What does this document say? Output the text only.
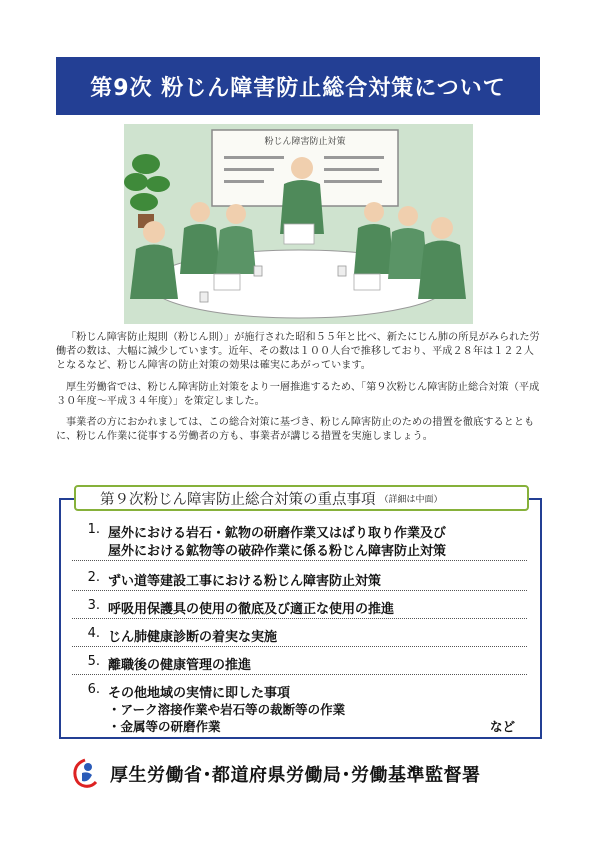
第9次 粉じん障害防止総合対策について
粉じん障害防止対策

「粉じん障害防止規則（粉じん則）」が施行された昭和５５年と比べ、新たにじん肺の所見がみられた労働者の数は、大幅に減少しています。近年、その数は１００人台で推移しており、平成２８年は１２２人となるなど、粉じん障害の防止対策の効果は確実にあがっています。

厚生労働省では、粉じん障害防止対策をより一層推進するため、「第９次粉じん障害防止総合対策（平成３０年度～平成３４年度）」を策定しました。

事業者の方におかれましては、この総合対策に基づき、粉じん障害防止のための措置を徹底するとともに、粉じん作業に従事する労働者の方も、事業者が講じる措置を実施しましょう。

第９次粉じん障害防止総合対策の重点事項 （詳細は中面）
1. 屋外における岩石・鉱物の研磨作業又はばり取り作業及び
屋外における鉱物等の破砕作業に係る粉じん障害防止対策
2. ずい道等建設工事における粉じん障害防止対策
3. 呼吸用保護具の使用の徹底及び適正な使用の推進
4. じん肺健康診断の着実な実施
5. 離職後の健康管理の推進
6. その他地域の実情に即した事項
・アーク溶接作業や岩石等の裁断等の作業
・金属等の研磨作業	など
厚生労働省･都道府県労働局･労働基準監督署
